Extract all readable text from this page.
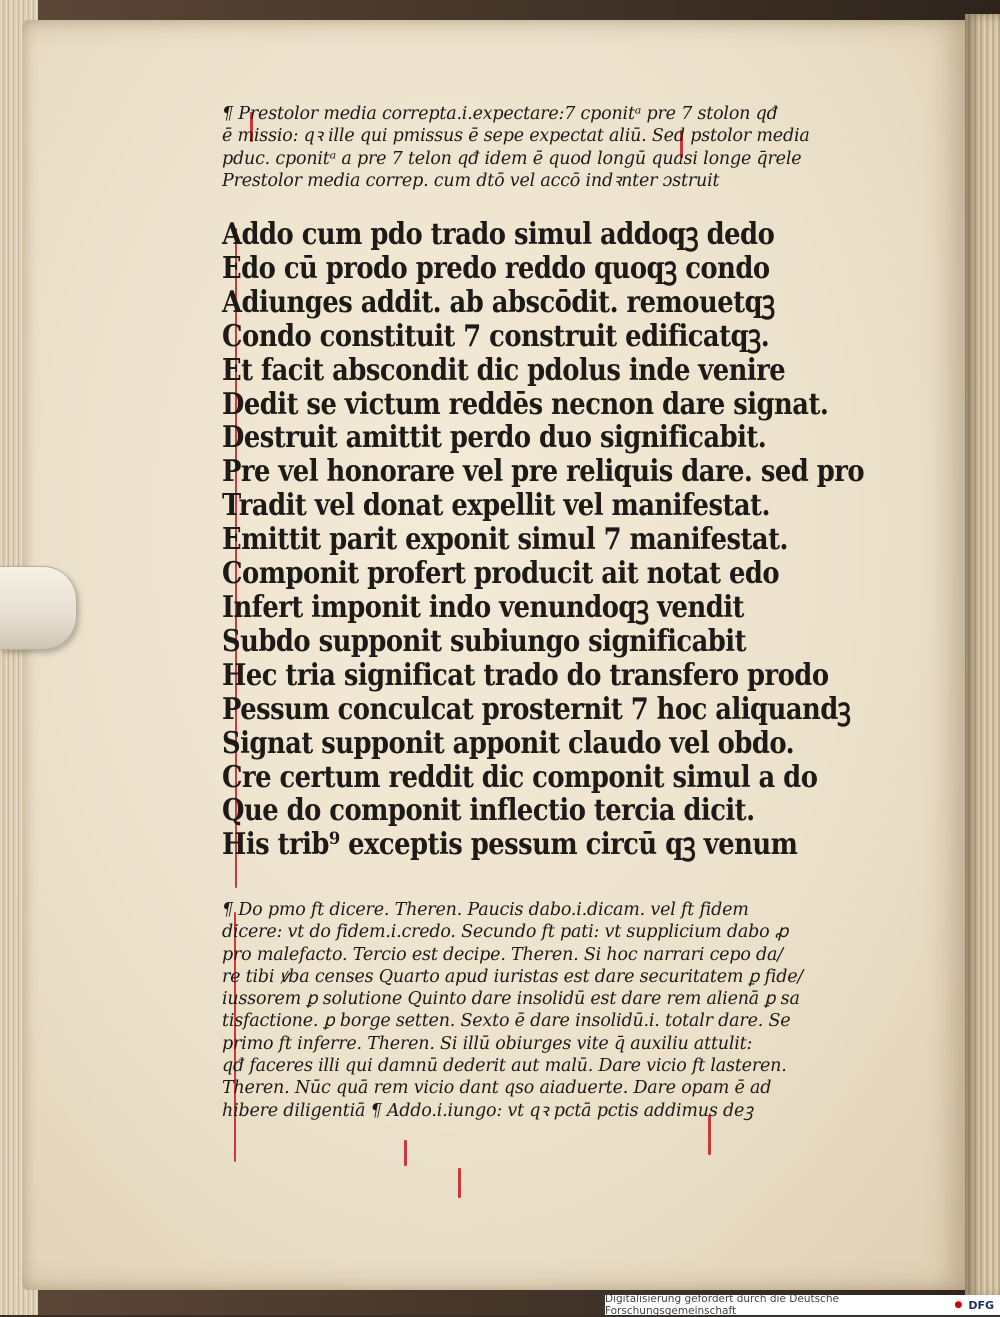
¶ Prestolor media correpta.i.expectare:7 cponitᵃ pre 7 stolon qđ
ē missio: qꝛ ille qui pmissus ē sepe expectat aliū. Sed pstolor media
pduc. cponitᵃ a pre 7 telon qđ idem ē quod longū quasi longe q̄rele
Prestolor media correp. cum dtō vel accō indꝛnter ɔstruit
Addo cum pdo trado simul addoqꝫ dedo
Edo cū prodo predo reddo quoqꝫ condo
Adiunges addit. ab abscōdit. remouetqꝫ
Condo constituit 7 construit edificatqꝫ.
Et facit abscondit dic pdolus inde venire
Dedit se victum reddēs necnon dare signat.
Destruit amittit perdo duo significabit.
Pre vel honorare vel pre reliquis dare. sed pro
Tradit vel donat expellit vel manifestat.
Emittit parit exponit simul 7 manifestat.
Componit profert producit ait notat edo
Infert imponit indo venundoqꝫ vendit
Subdo supponit subiungo significabit
Hec tria significat trado do transfero prodo
Pessum conculcat prosternit 7 hoc aliquandꝫ
Signat supponit apponit claudo vel obdo.
Cre certum reddit dic componit simul a do
Que do componit inflectio tercia dicit.
His trib⁹ exceptis pessum circū qꝫ venum
¶ Do pmo ft dicere. Theren. Paucis dabo.i.dicam. vel ft fidem
dicere: vt do fidem.i.credo. Secundo ft pati: vt supplicium dabo ꝓ
pro malefacto. Tercio est decipe. Theren. Si hoc narrari cepo da/
re tibi ꝟba censes Quarto apud iuristas est dare securitatem ꝑ fide/
iussorem ꝑ solutione Quinto dare insolidū est dare rem alienā ꝑ sa
tisfactione. ꝑ borge setten. Sexto ē dare insolidū.i. totalr dare. Se
primo ft inferre. Theren. Si illū obiurges vite q̄ auxiliu attulit:
qđ faceres illi qui damnū dederit aut malū. Dare vicio ft lasteren.
Theren. Nūc quā rem vicio dant qso aiaduerte. Dare opam ē ad
hibere diligentiā ¶ Addo.i.iungo: vt qꝛ pctā pctis addimus deꝫ
Digitalisierung gefördert durch die Deutsche Forschungsgemeinschaft	● DFG
